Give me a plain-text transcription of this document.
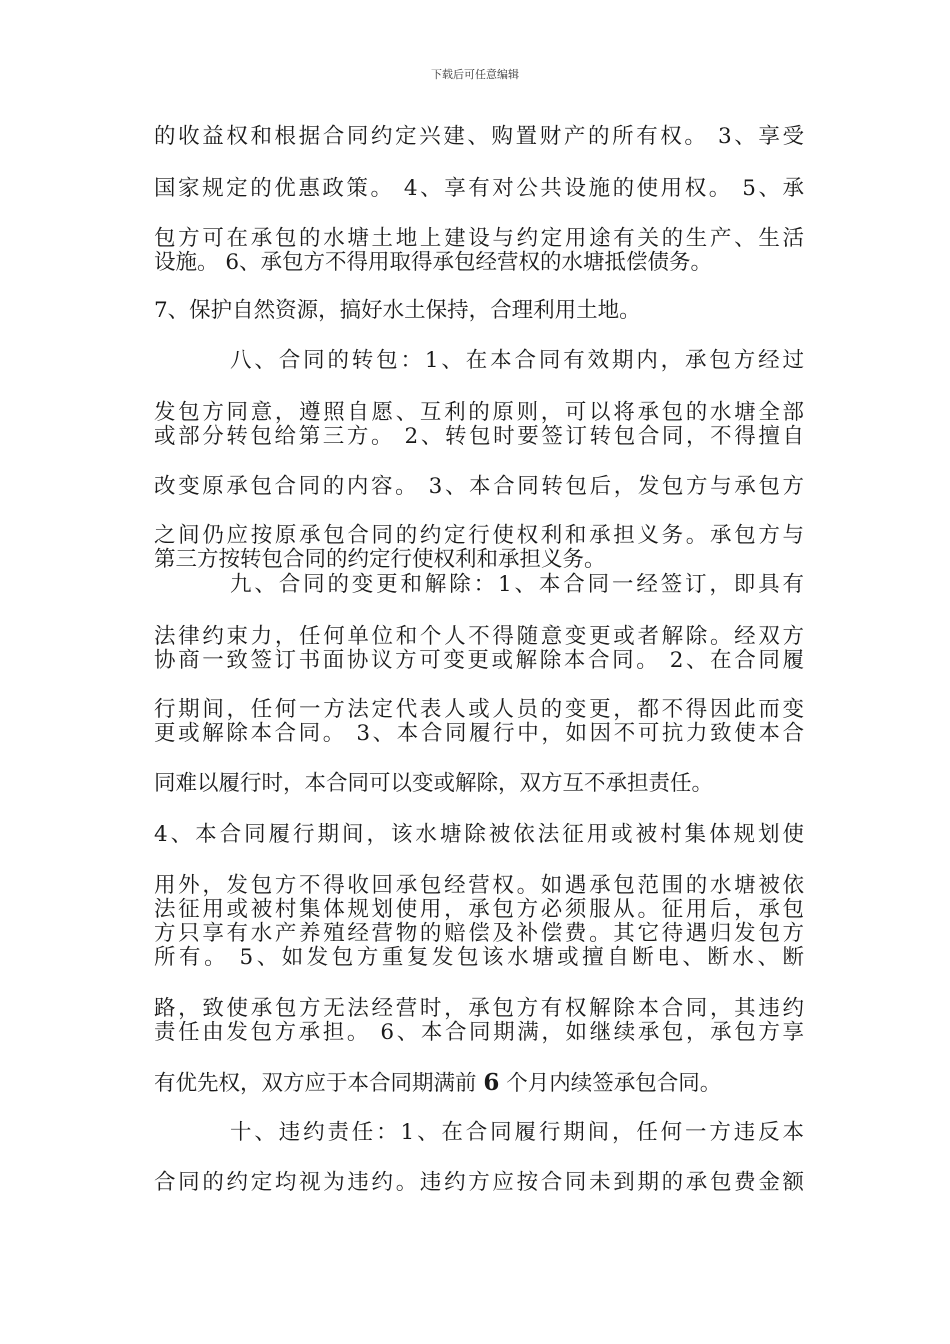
下载后可任意编辑
的收益权和根据合同约定兴建、购置财产的所有权。 3、享受
国家规定的优惠政策。 4、享有对公共设施的使用权。 5、承
包方可在承包的水塘土地上建设与约定用途有关的生产、生活
设施。 6、承包方不得用取得承包经营权的水塘抵偿债务。
7、保护自然资源，搞好水土保持，合理利用土地。
八、合同的转包：1、在本合同有效期内，承包方经过
发包方同意，遵照自愿、互利的原则，可以将承包的水塘全部
或部分转包给第三方。 2、转包时要签订转包合同，不得擅自
改变原承包合同的内容。 3、本合同转包后，发包方与承包方
之间仍应按原承包合同的约定行使权利和承担义务。承包方与
第三方按转包合同的约定行使权利和承担义务。
九、合同的变更和解除：1、本合同一经签订，即具有
法律约束力，任何单位和个人不得随意变更或者解除。经双方
协商一致签订书面协议方可变更或解除本合同。 2、在合同履
行期间，任何一方法定代表人或人员的变更，都不得因此而变
更或解除本合同。 3、本合同履行中，如因不可抗力致使本合
同难以履行时，本合同可以变或解除，双方互不承担责任。
4、本合同履行期间，该水塘除被依法征用或被村集体规划使
用外，发包方不得收回承包经营权。如遇承包范围的水塘被依
法征用或被村集体规划使用，承包方必须服从。征用后，承包
方只享有水产养殖经营物的赔偿及补偿费。其它待遇归发包方
所有。 5、如发包方重复发包该水塘或擅自断电、断水、断
路，致使承包方无法经营时，承包方有权解除本合同，其违约
责任由发包方承担。 6、本合同期满，如继续承包，承包方享
有优先权，双方应于本合同期满前 6 个月内续签承包合同。
十、违约责任：1、在合同履行期间，任何一方违反本
合同的约定均视为违约。违约方应按合同未到期的承包费金额
